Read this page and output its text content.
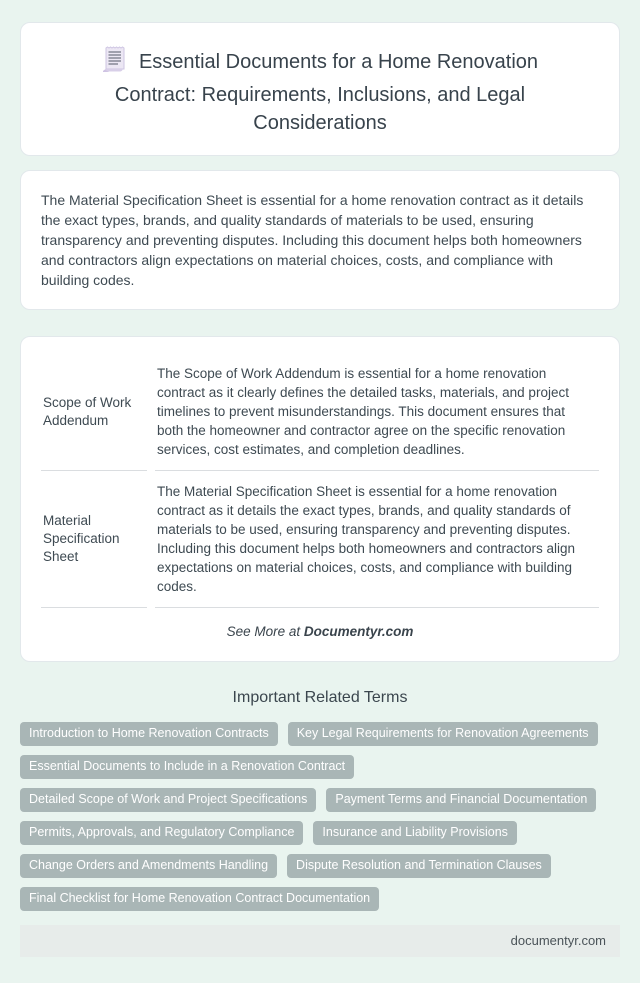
Essential Documents for a Home Renovation Contract: Requirements, Inclusions, and Legal Considerations

The Material Specification Sheet is essential for a home renovation contract as it details the exact types, brands, and quality standards of materials to be used, ensuring transparency and preventing disputes. Including this document helps both homeowners and contractors align expectations on material choices, costs, and compliance with building codes.

Scope of Work Addendum	The Scope of Work Addendum is essential for a home renovation contract as it clearly defines the detailed tasks, materials, and project timelines to prevent misunderstandings. This document ensures that both the homeowner and contractor agree on the specific renovation services, cost estimates, and completion deadlines.
Material Specification Sheet	The Material Specification Sheet is essential for a home renovation contract as it details the exact types, brands, and quality standards of materials to be used, ensuring transparency and preventing disputes. Including this document helps both homeowners and contractors align expectations on material choices, costs, and compliance with building codes.
See More at Documentyr.com
Important Related Terms
Introduction to Home Renovation Contracts	Key Legal Requirements for Renovation Agreements
Essential Documents to Include in a Renovation Contract
Detailed Scope of Work and Project Specifications	Payment Terms and Financial Documentation
Permits, Approvals, and Regulatory Compliance	Insurance and Liability Provisions
Change Orders and Amendments Handling	Dispute Resolution and Termination Clauses
Final Checklist for Home Renovation Contract Documentation
documentyr.com
